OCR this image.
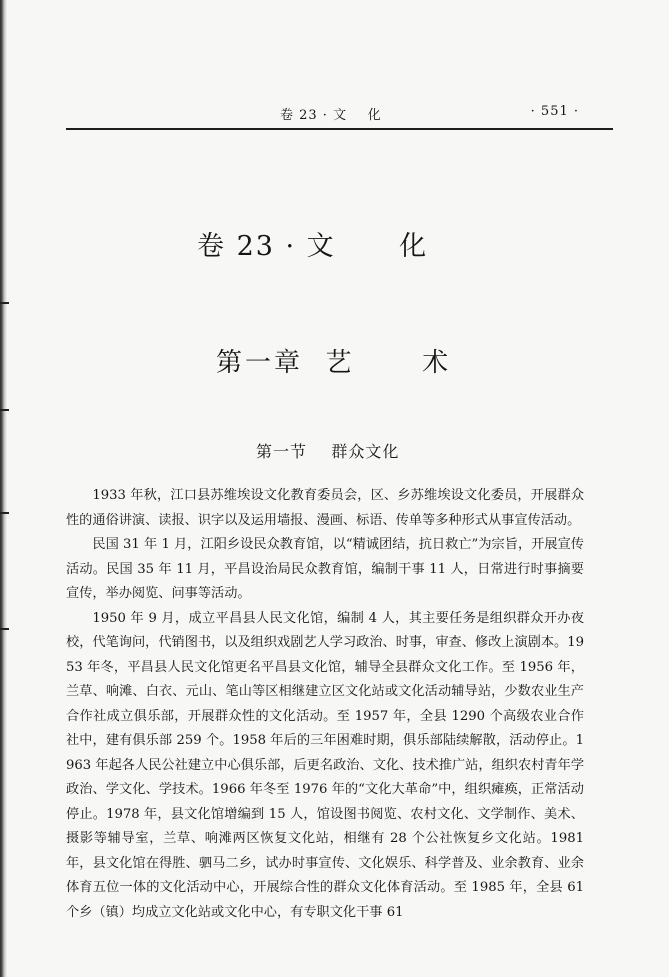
卷 23 · 文    化	· 551 ·
卷 23 · 文      化
第一章  艺      术
第一节    群众文化

1933 年秋，江口县苏维埃设文化教育委员会，区、乡苏维埃设文化委员，开展群众性的通俗讲演、读报、识字以及运用墙报、漫画、标语、传单等多种形式从事宣传活动。

民国 31 年 1 月，江阳乡设民众教育馆，以“精诚团结，抗日救亡”为宗旨，开展宣传活动。民国 35 年 11 月，平昌设治局民众教育馆，编制干事 11 人，日常进行时事摘要宣传，举办阅览、问事等活动。

1950 年 9 月，成立平昌县人民文化馆，编制 4 人，其主要任务是组织群众开办夜校，代笔询问，代销图书，以及组织戏剧艺人学习政治、时事，审查、修改上演剧本。1953 年冬，平昌县人民文化馆更名平昌县文化馆，辅导全县群众文化工作。至 1956 年，兰草、响滩、白衣、元山、笔山等区相继建立区文化站或文化活动辅导站，少数农业生产合作社成立俱乐部，开展群众性的文化活动。至 1957 年，全县 1290 个高级农业合作社中，建有俱乐部 259 个。1958 年后的三年困难时期，俱乐部陆续解散，活动停止。1963 年起各人民公社建立中心俱乐部，后更名政治、文化、技术推广站，组织农村青年学政治、学文化、学技术。1966 年冬至 1976 年的“文化大革命”中，组织瘫痪，正常活动停止。1978 年，县文化馆增编到 15 人，馆设图书阅览、农村文化、文学制作、美术、摄影等辅导室，兰草、响滩两区恢复文化站，相继有 28 个公社恢复乡文化站。1981 年，县文化馆在得胜、驷马二乡，试办时事宣传、文化娱乐、科学普及、业余教育、业余体育五位一体的文化活动中心，开展综合性的群众文化体育活动。至 1985 年，全县 61 个乡（镇）均成立文化站或文化中心，有专职文化干事 61
